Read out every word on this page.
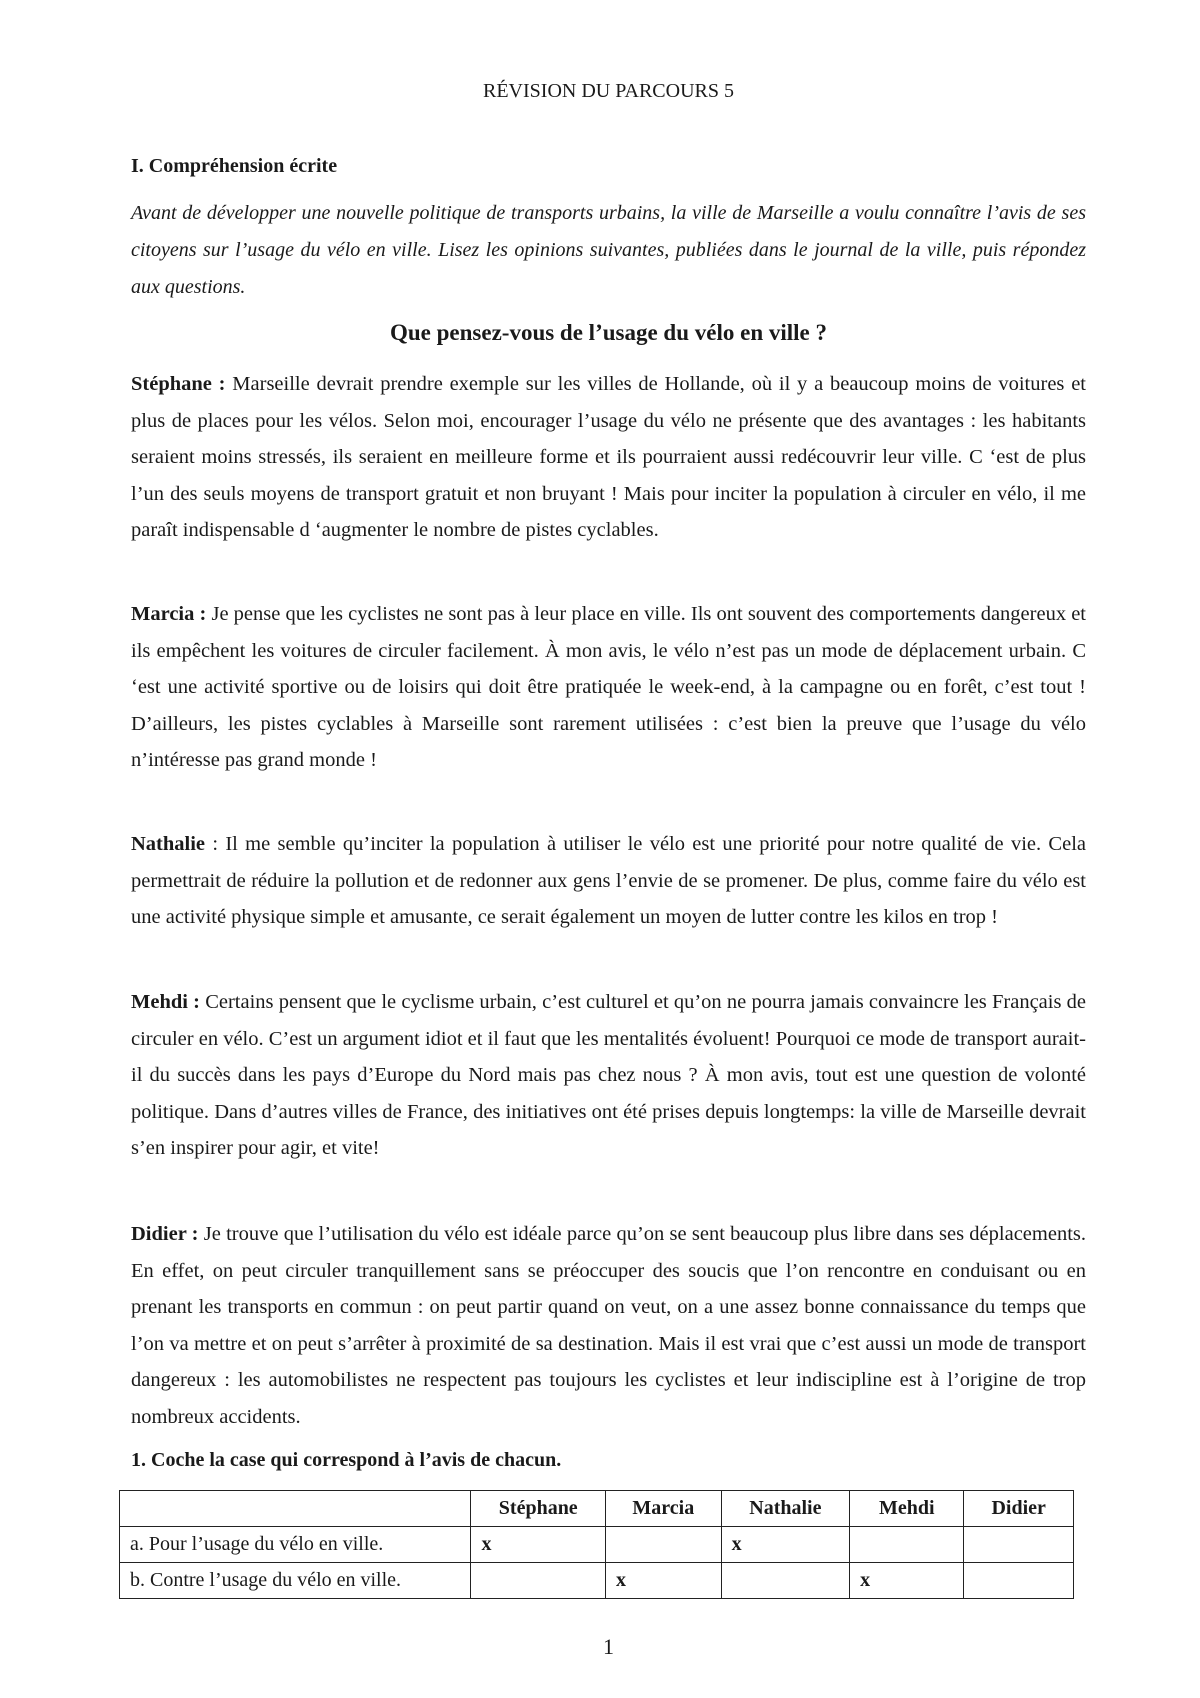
RÉVISION DU PARCOURS 5
I. Compréhension écrite
Avant de développer une nouvelle politique de transports urbains, la ville de Marseille a voulu connaître l’avis de ses citoyens sur l’usage du vélo en ville. Lisez les opinions suivantes, publiées dans le journal de la ville, puis répondez aux questions.
Que pensez-vous de l’usage du vélo en ville ?

Stéphane : Marseille devrait prendre exemple sur les villes de Hollande, où il y a beaucoup moins de voitures et plus de places pour les vélos. Selon moi, encourager l’usage du vélo ne présente que des avantages : les habitants seraient moins stressés, ils seraient en meilleure forme et ils pourraient aussi redécouvrir leur ville. C ‘est de plus l’un des seuls moyens de transport gratuit et non bruyant ! Mais pour inciter la population à circuler en vélo, il me paraît indispensable d ‘augmenter le nombre de pistes cyclables.

Marcia : Je pense que les cyclistes ne sont pas à leur place en ville. Ils ont souvent des comportements dangereux et ils empêchent les voitures de circuler facilement. À mon avis, le vélo n’est pas un mode de déplacement urbain. C ‘est une activité sportive ou de loisirs qui doit être pratiquée le week-end, à la campagne ou en forêt, c’est tout ! D’ailleurs, les pistes cyclables à Marseille sont rarement utilisées : c’est bien la preuve que l’usage du vélo n’intéresse pas grand monde !

Nathalie : Il me semble qu’inciter la population à utiliser le vélo est une priorité pour notre qualité de vie. Cela permettrait de réduire la pollution et de redonner aux gens l’envie de se promener. De plus, comme faire du vélo est une activité physique simple et amusante, ce serait également un moyen de lutter contre les kilos en trop !

Mehdi : Certains pensent que le cyclisme urbain, c’est culturel et qu’on ne pourra jamais convaincre les Français de circuler en vélo. C’est un argument idiot et il faut que les mentalités évoluent! Pourquoi ce mode de transport aurait-il du succès dans les pays d’Europe du Nord mais pas chez nous ? À mon avis, tout est une question de volonté politique. Dans d’autres villes de France, des initiatives ont été prises depuis longtemps: la ville de Marseille devrait s’en inspirer pour agir, et vite!

Didier : Je trouve que l’utilisation du vélo est idéale parce qu’on se sent beaucoup plus libre dans ses déplacements. En effet, on peut circuler tranquillement sans se préoccuper des soucis que l’on rencontre en conduisant ou en prenant les transports en commun : on peut partir quand on veut, on a une assez bonne connaissance du temps que l’on va mettre et on peut s’arrêter à proximité de sa destination. Mais il est vrai que c’est aussi un mode de transport dangereux : les automobilistes ne respectent pas toujours les cyclistes et leur indiscipline est à l’origine de trop nombreux accidents.

1. Coche la case qui correspond à l’avis de chacun.
	Stéphane	Marcia	Nathalie	Mehdi	Didier
a. Pour l’usage du vélo en ville.	x		x		
b. Contre l’usage du vélo en ville.		x		x	
1
